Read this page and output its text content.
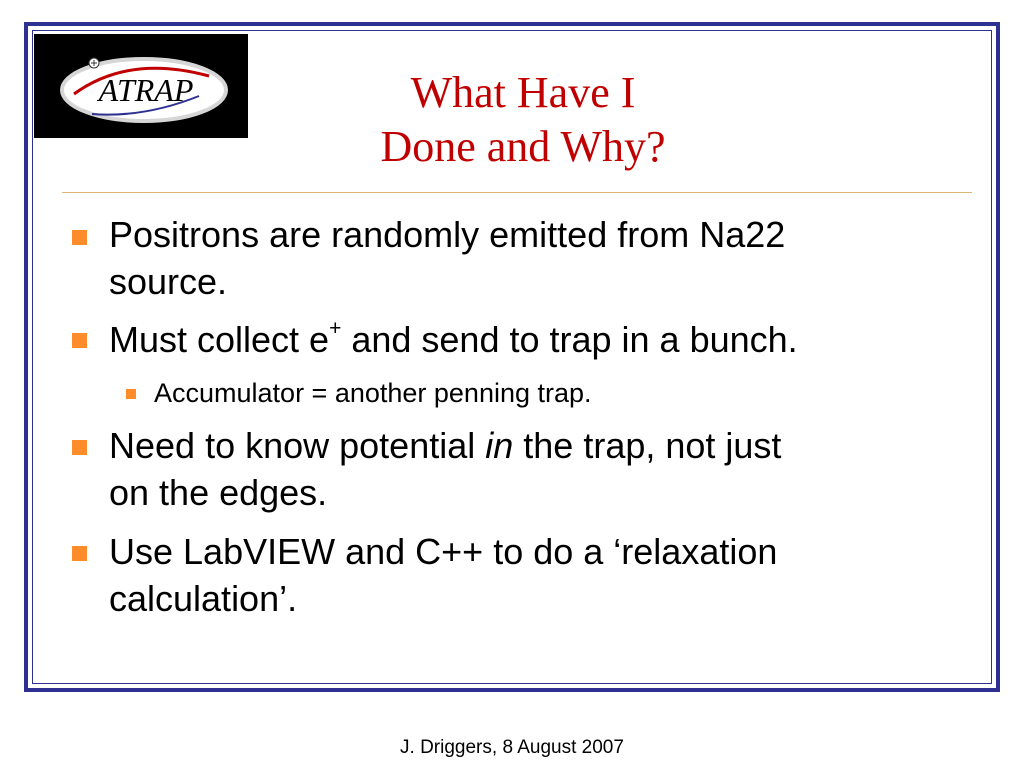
ATRAP	What Have I
Done and Why?
Positrons are randomly emitted from Na22
source.
Must collect e+ and send to trap in a bunch.
Accumulator = another penning trap.
Need to know potential in the trap, not just
on the edges.
Use LabVIEW and C++ to do a ‘relaxation
calculation’.
J. Driggers, 8 August 2007
